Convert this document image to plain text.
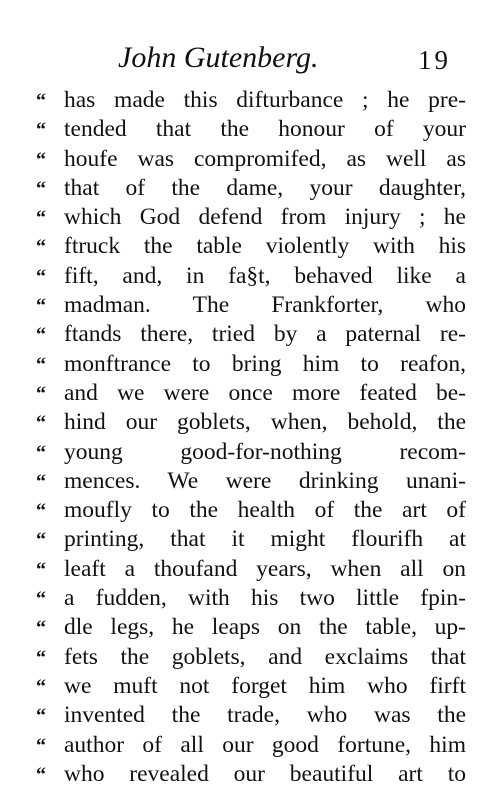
John Gutenberg.	19
“ has made this difturbance ; he pre-
“ tended that the honour of your
“ houfe was compromifed, as well as
“ that of the dame, your daughter,
“ which God defend from injury ; he
“ ftruck the table violently with his
“ fift, and, in fa§t, behaved like a
“ madman. The Frankforter, who
“ ftands there, tried by a paternal re-
“ monftrance to bring him to reafon,
“ and we were once more feated be-
“ hind our goblets, when, behold, the
“ young good-for-nothing recom-
“ mences. We were drinking unani-
“ moufly to the health of the art of
“ printing, that it might flourifh at
“ leaft a thoufand years, when all on
“ a fudden, with his two little fpin-
“ dle legs, he leaps on the table, up-
“ fets the goblets, and exclaims that
“ we muft not forget him who firft
“ invented the trade, who was the
“ author of all our good fortune, him
“ who revealed our beautiful art to
